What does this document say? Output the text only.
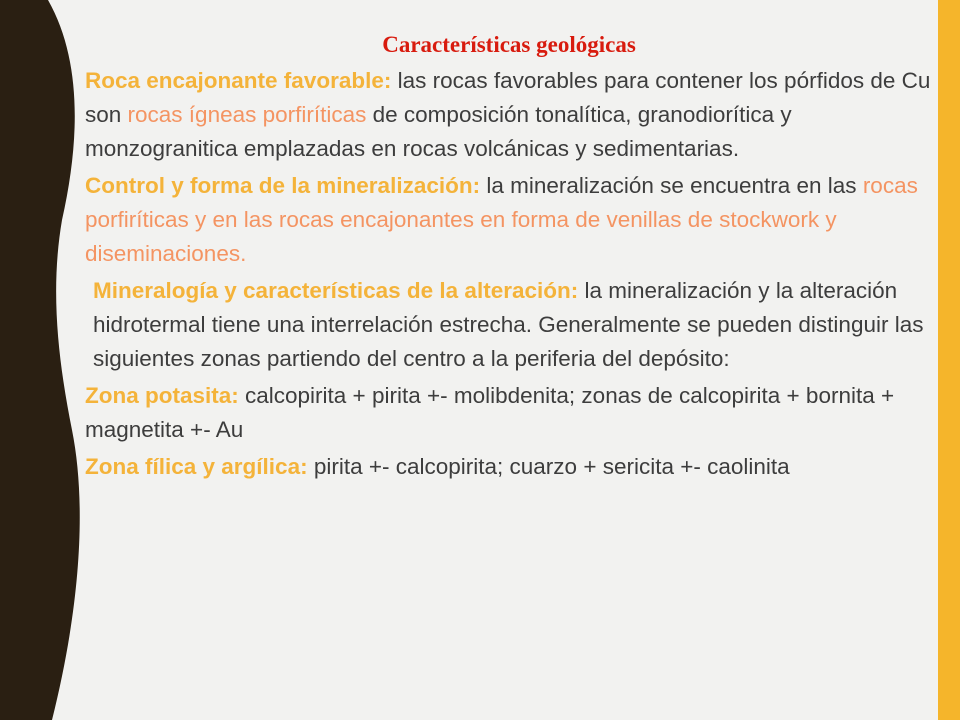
Características geológicas

Roca encajonante favorable: las rocas favorables para contener los pórfidos de Cu son rocas ígneas porfiríticas de composición tonalítica, granodiorítica y monzogranitica emplazadas en rocas volcánicas y sedimentarias.

Control y forma de la mineralización: la mineralización se encuentra en las rocas porfiríticas y en las rocas encajonantes en forma de venillas de stockwork y diseminaciones.

Mineralogía y características de la alteración: la mineralización y la alteración hidrotermal tiene una interrelación estrecha. Generalmente se pueden distinguir las siguientes zonas partiendo del centro a la periferia del depósito:

Zona potasita: calcopirita + pirita +- molibdenita; zonas de calcopirita + bornita + magnetita +- Au

Zona fílica y argílica: pirita +- calcopirita; cuarzo + sericita +- caolinita
